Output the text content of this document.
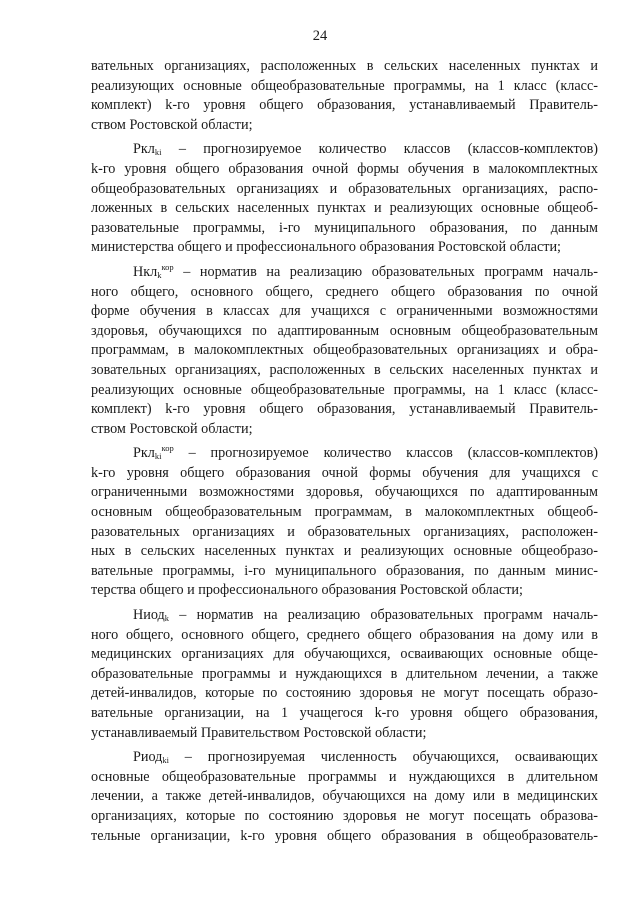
24
вательных организациях, расположенных в сельских населенных пунктах и
реализующих основные общеобразовательные программы, на 1 класс (класс-
комплект) k-го уровня общего образования, устанавливаемый Правитель-
ством Ростовской области;
Ркл$_{ki}$ – прогнозируемое количество классов (классов-комплектов)
k-го уровня общего образования очной формы обучения в малокомплектных
общеобразовательных организациях и образовательных организациях, распо-
ложенных в сельских населенных пунктах и реализующих основные общеоб-
разовательные программы, i-го муниципального образования, по данным
министерства общего и профессионального образования Ростовской области;
Нкл$_k^{кор}$ – норматив на реализацию образовательных программ началь-
ного общего, основного общего, среднего общего образования по очной
форме обучения в классах для учащихся с ограниченными возможностями
здоровья, обучающихся по адаптированным основным общеобразовательным
программам, в малокомплектных общеобразовательных организациях и обра-
зовательных организациях, расположенных в сельских населенных пунктах и
реализующих основные общеобразовательные программы, на 1 класс (класс-
комплект) k-го уровня общего образования, устанавливаемый Правитель-
ством Ростовской области;
Ркл$_{ki}^{кор}$ – прогнозируемое количество классов (классов-комплектов)
k-го уровня общего образования очной формы обучения для учащихся с
ограниченными возможностями здоровья, обучающихся по адаптированным
основным общеобразовательным программам, в малокомплектных общеоб-
разовательных организациях и образовательных организациях, расположен-
ных в сельских населенных пунктах и реализующих основные общеобразо-
вательные программы, i-го муниципального образования, по данным минис-
терства общего и профессионального образования Ростовской области;
Ниод$_k$ – норматив на реализацию образовательных программ началь-
ного общего, основного общего, среднего общего образования на дому или в
медицинских организациях для обучающихся, осваивающих основные обще-
образовательные программы и нуждающихся в длительном лечении, а также
детей-инвалидов, которые по состоянию здоровья не могут посещать образо-
вательные организации, на 1 учащегося k-го уровня общего образования,
устанавливаемый Правительством Ростовской области;
Риод$_{ki}$ – прогнозируемая численность обучающихся, осваивающих
основные общеобразовательные программы и нуждающихся в длительном
лечении, а также детей-инвалидов, обучающихся на дому или в медицинских
организациях, которые по состоянию здоровья не могут посещать образова-
тельные организации, k-го уровня общего образования в общеобразователь-
